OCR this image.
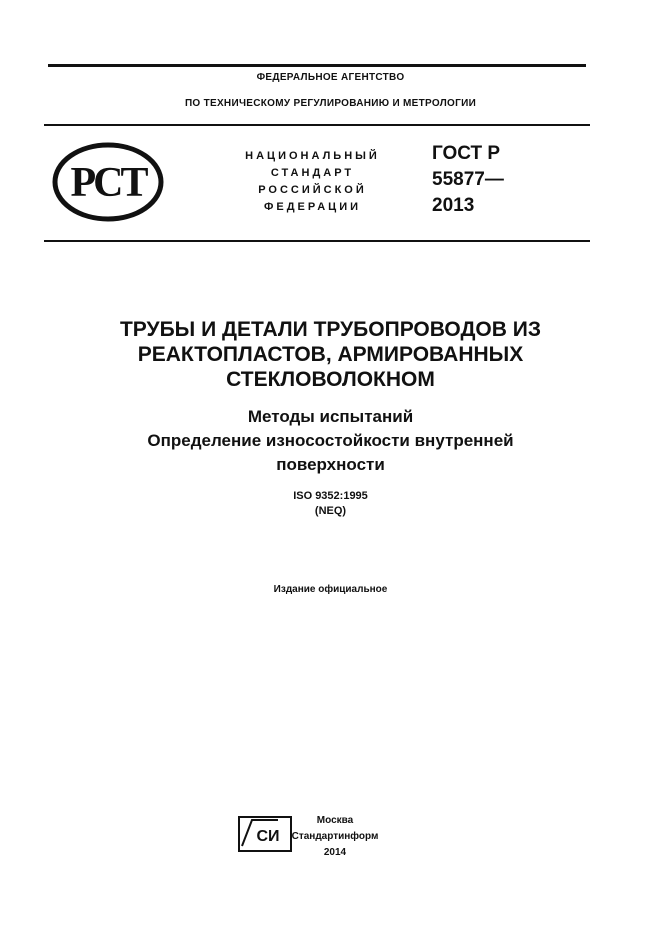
ФЕДЕРАЛЬНОЕ АГЕНТСТВО
ПО ТЕХНИЧЕСКОМУ РЕГУЛИРОВАНИЮ И МЕТРОЛОГИИ
PCT
НАЦИОНАЛЬНЫЙ
СТАНДАРТ
РОССИЙСКОЙ
ФЕДЕРАЦИИ
ГОСТ Р
55877—
2013
ТРУБЫ И ДЕТАЛИ ТРУБОПРОВОДОВ ИЗ
РЕАКТОПЛАСТОВ, АРМИРОВАННЫХ
СТЕКЛОВОЛОКНОМ
Методы испытаний
Определение износостойкости внутренней
поверхности
ISO 9352:1995
(NEQ)
Издание официальное
СИ
Москва
Стандартинформ
2014
